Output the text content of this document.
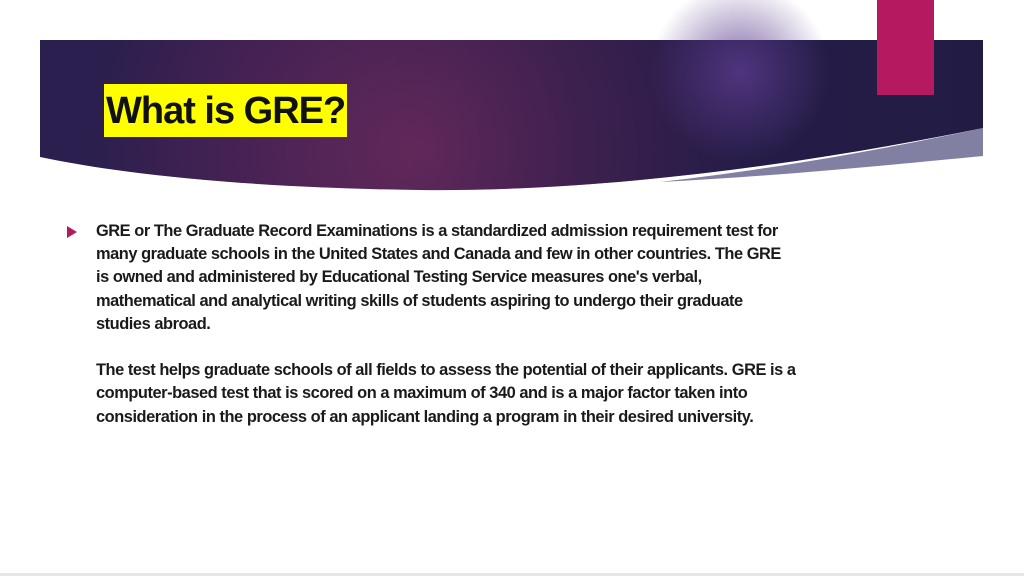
What is GRE?

GRE or The Graduate Record Examinations is a standardized admission requirement test for many graduate schools in the United States and Canada and few in other countries. The GRE is owned and administered by Educational Testing Service measures one's verbal, mathematical and analytical writing skills of students aspiring to undergo their graduate studies abroad.

The test helps graduate schools of all fields to assess the potential of their applicants. GRE is a computer-based test that is scored on a maximum of 340 and is a major factor taken into consideration in the process of an applicant landing a program in their desired university.
